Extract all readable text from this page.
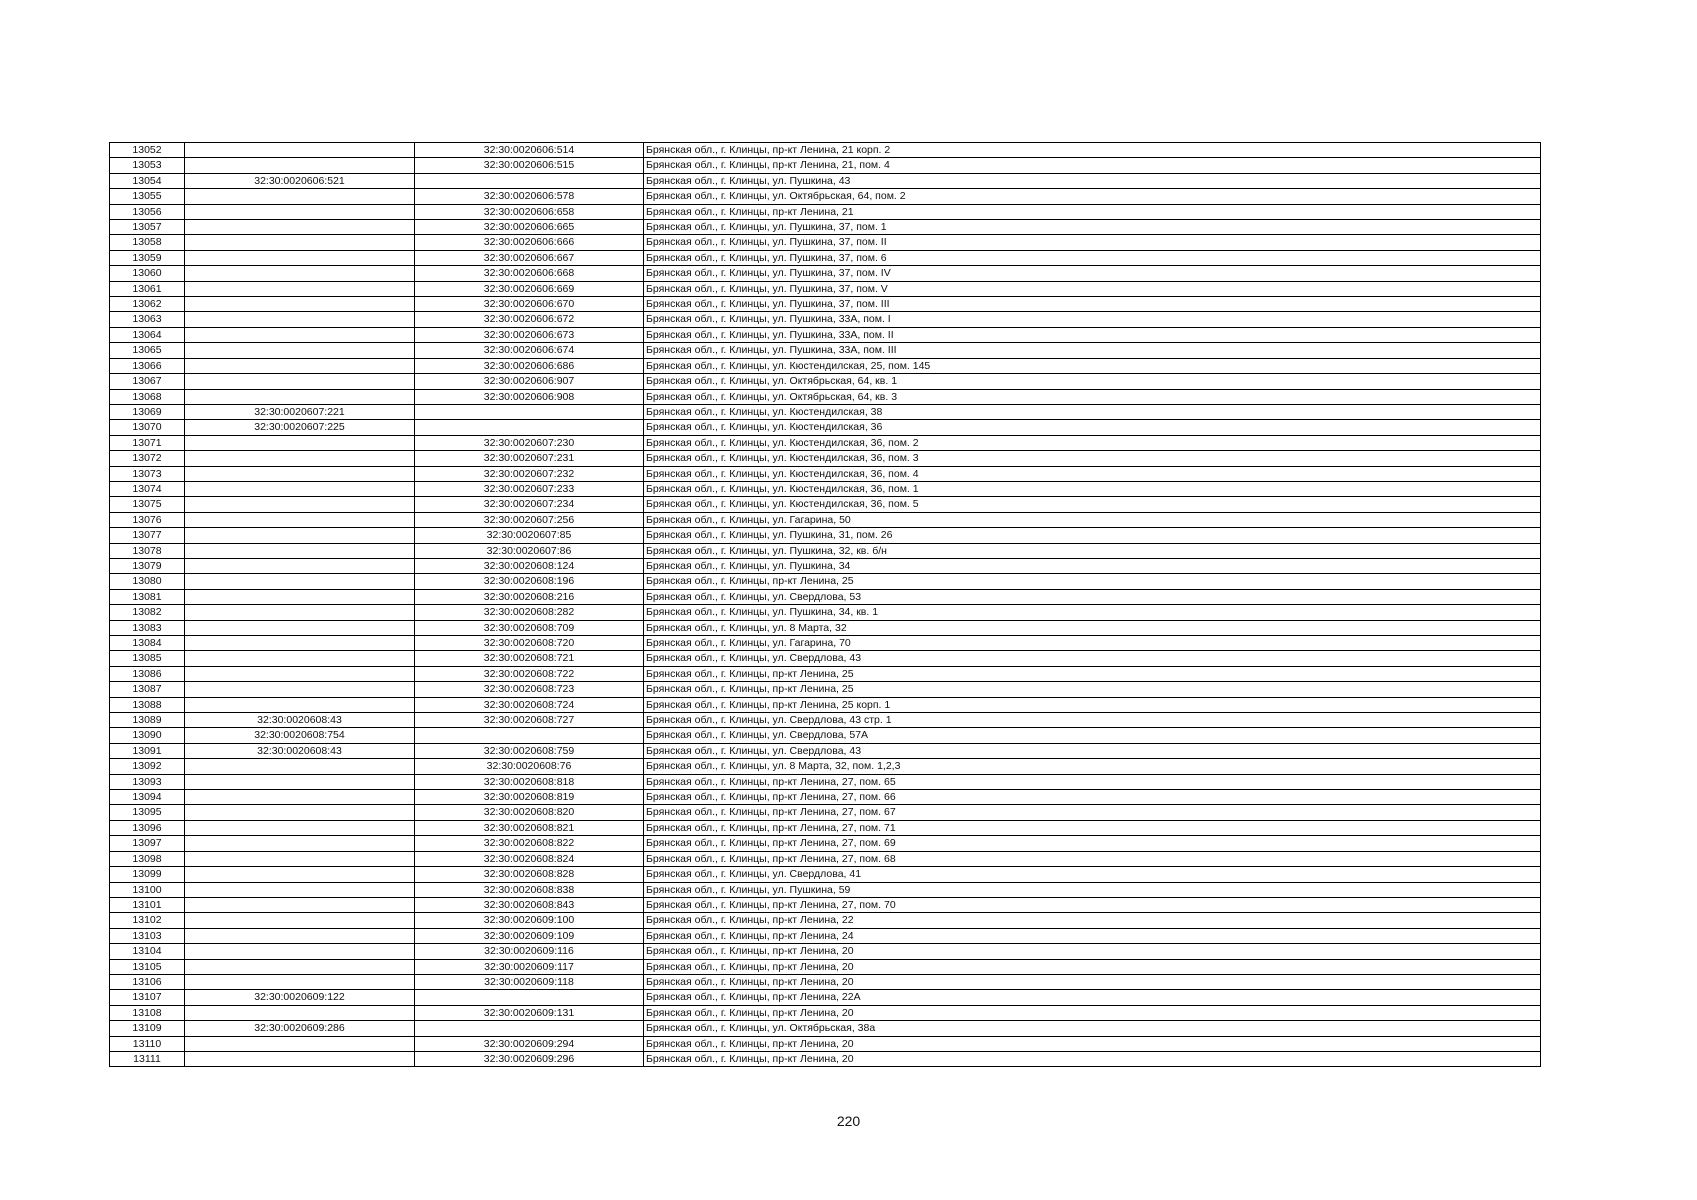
13052		32:30:0020606:514	Брянская обл., г. Клинцы, пр-кт Ленина, 21 корп. 2
13053		32:30:0020606:515	Брянская обл., г. Клинцы, пр-кт Ленина, 21, пом. 4
13054	32:30:0020606:521		Брянская обл., г. Клинцы, ул. Пушкина, 43
13055		32:30:0020606:578	Брянская обл., г. Клинцы, ул. Октябрьская, 64, пом. 2
13056		32:30:0020606:658	Брянская обл., г. Клинцы, пр-кт Ленина, 21
13057		32:30:0020606:665	Брянская обл., г. Клинцы, ул. Пушкина, 37, пом. 1
13058		32:30:0020606:666	Брянская обл., г. Клинцы, ул. Пушкина, 37, пом. II
13059		32:30:0020606:667	Брянская обл., г. Клинцы, ул. Пушкина, 37, пом. 6
13060		32:30:0020606:668	Брянская обл., г. Клинцы, ул. Пушкина, 37, пом. IV
13061		32:30:0020606:669	Брянская обл., г. Клинцы, ул. Пушкина, 37, пом. V
13062		32:30:0020606:670	Брянская обл., г. Клинцы, ул. Пушкина, 37, пом. III
13063		32:30:0020606:672	Брянская обл., г. Клинцы, ул. Пушкина, 33А, пом. I
13064		32:30:0020606:673	Брянская обл., г. Клинцы, ул. Пушкина, 33А, пом. II
13065		32:30:0020606:674	Брянская обл., г. Клинцы, ул. Пушкина, 33А, пом. III
13066		32:30:0020606:686	Брянская обл., г. Клинцы, ул. Кюстендилская, 25, пом. 145
13067		32:30:0020606:907	Брянская обл., г. Клинцы, ул. Октябрьская, 64, кв. 1
13068		32:30:0020606:908	Брянская обл., г. Клинцы, ул. Октябрьская, 64, кв. 3
13069	32:30:0020607:221		Брянская обл., г. Клинцы, ул. Кюстендилская, 38
13070	32:30:0020607:225		Брянская обл., г. Клинцы, ул. Кюстендилская, 36
13071		32:30:0020607:230	Брянская обл., г. Клинцы, ул. Кюстендилская, 36, пом. 2
13072		32:30:0020607:231	Брянская обл., г. Клинцы, ул. Кюстендилская, 36, пом. 3
13073		32:30:0020607:232	Брянская обл., г. Клинцы, ул. Кюстендилская, 36, пом. 4
13074		32:30:0020607:233	Брянская обл., г. Клинцы, ул. Кюстендилская, 36, пом. 1
13075		32:30:0020607:234	Брянская обл., г. Клинцы, ул. Кюстендилская, 36, пом. 5
13076		32:30:0020607:256	Брянская обл., г. Клинцы, ул. Гагарина, 50
13077		32:30:0020607:85	Брянская обл., г. Клинцы, ул. Пушкина, 31, пом. 26
13078		32:30:0020607:86	Брянская обл., г. Клинцы, ул. Пушкина, 32, кв. б/н
13079		32:30:0020608:124	Брянская обл., г. Клинцы, ул. Пушкина, 34
13080		32:30:0020608:196	Брянская обл., г. Клинцы, пр-кт Ленина, 25
13081		32:30:0020608:216	Брянская обл., г. Клинцы, ул. Свердлова, 53
13082		32:30:0020608:282	Брянская обл., г. Клинцы, ул. Пушкина, 34, кв. 1
13083		32:30:0020608:709	Брянская обл., г. Клинцы, ул. 8 Марта, 32
13084		32:30:0020608:720	Брянская обл., г. Клинцы, ул. Гагарина, 70
13085		32:30:0020608:721	Брянская обл., г. Клинцы, ул. Свердлова, 43
13086		32:30:0020608:722	Брянская обл., г. Клинцы, пр-кт Ленина, 25
13087		32:30:0020608:723	Брянская обл., г. Клинцы, пр-кт Ленина, 25
13088		32:30:0020608:724	Брянская обл., г. Клинцы, пр-кт Ленина, 25 корп. 1
13089	32:30:0020608:43	32:30:0020608:727	Брянская обл., г. Клинцы, ул. Свердлова, 43 стр. 1
13090	32:30:0020608:754		Брянская обл., г. Клинцы, ул. Свердлова, 57А
13091	32:30:0020608:43	32:30:0020608:759	Брянская обл., г. Клинцы, ул. Свердлова, 43
13092		32:30:0020608:76	Брянская обл., г. Клинцы, ул. 8 Марта, 32, пом. 1,2,3
13093		32:30:0020608:818	Брянская обл., г. Клинцы, пр-кт Ленина, 27, пом. 65
13094		32:30:0020608:819	Брянская обл., г. Клинцы, пр-кт Ленина, 27, пом. 66
13095		32:30:0020608:820	Брянская обл., г. Клинцы, пр-кт Ленина, 27, пом. 67
13096		32:30:0020608:821	Брянская обл., г. Клинцы, пр-кт Ленина, 27, пом. 71
13097		32:30:0020608:822	Брянская обл., г. Клинцы, пр-кт Ленина, 27, пом. 69
13098		32:30:0020608:824	Брянская обл., г. Клинцы, пр-кт Ленина, 27, пом. 68
13099		32:30:0020608:828	Брянская обл., г. Клинцы, ул. Свердлова, 41
13100		32:30:0020608:838	Брянская обл., г. Клинцы, ул. Пушкина, 59
13101		32:30:0020608:843	Брянская обл., г. Клинцы, пр-кт Ленина, 27, пом. 70
13102		32:30:0020609:100	Брянская обл., г. Клинцы, пр-кт Ленина, 22
13103		32:30:0020609:109	Брянская обл., г. Клинцы, пр-кт Ленина, 24
13104		32:30:0020609:116	Брянская обл., г. Клинцы, пр-кт Ленина, 20
13105		32:30:0020609:117	Брянская обл., г. Клинцы, пр-кт Ленина, 20
13106		32:30:0020609:118	Брянская обл., г. Клинцы, пр-кт Ленина, 20
13107	32:30:0020609:122		Брянская обл., г. Клинцы, пр-кт Ленина, 22А
13108		32:30:0020609:131	Брянская обл., г. Клинцы, пр-кт Ленина, 20
13109	32:30:0020609:286		Брянская обл., г. Клинцы, ул. Октябрьская, 38а
13110		32:30:0020609:294	Брянская обл., г. Клинцы, пр-кт Ленина, 20
13111		32:30:0020609:296	Брянская обл., г. Клинцы, пр-кт Ленина, 20
220
